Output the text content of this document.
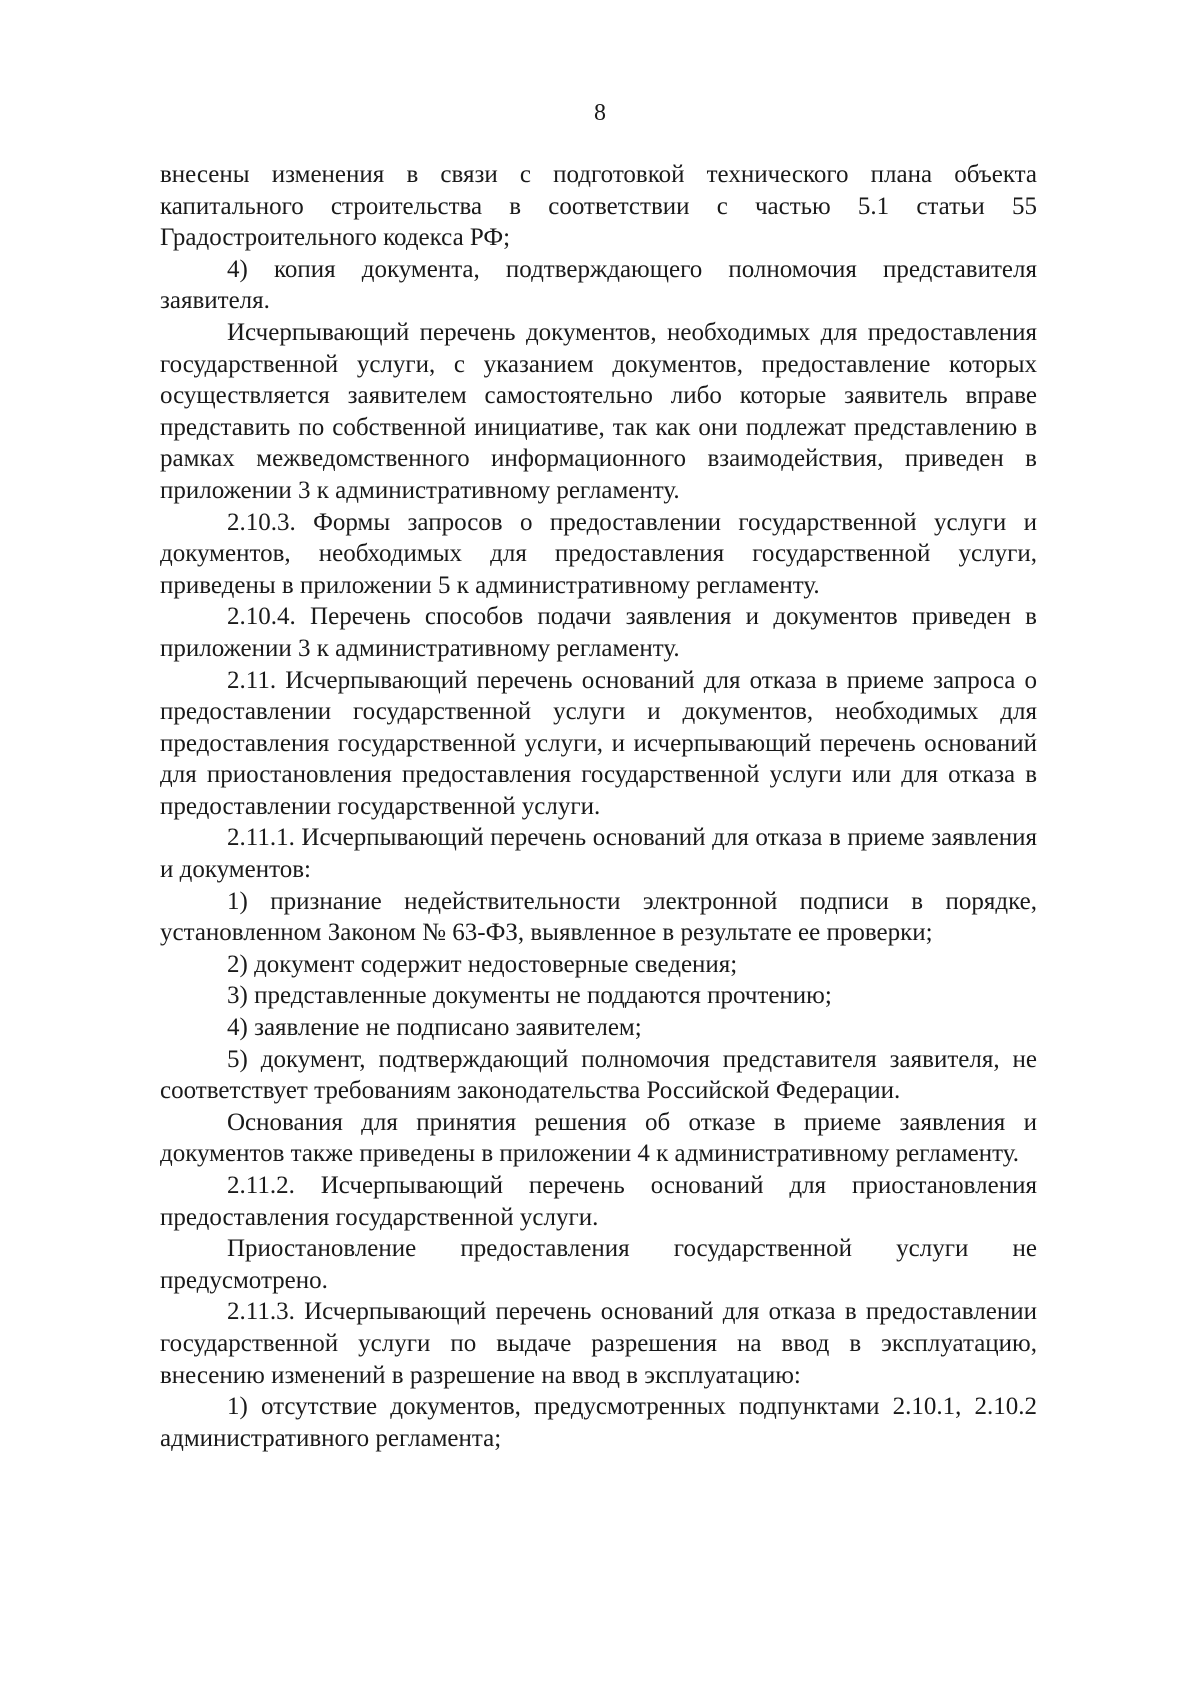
8

внесены изменения в связи с подготовкой технического плана объекта капитального строительства в соответствии с частью 5.1 статьи 55 Градостроительного кодекса РФ;

4) копия документа, подтверждающего полномочия представителя заявителя.

Исчерпывающий перечень документов, необходимых для предоставления государственной услуги, с указанием документов, предоставление которых осуществляется заявителем самостоятельно либо которые заявитель вправе представить по собственной инициативе, так как они подлежат представлению в рамках межведомственного информационного взаимодействия, приведен в приложении 3 к административному регламенту.

2.10.3. Формы запросов о предоставлении государственной услуги и документов, необходимых для предоставления государственной услуги, приведены в приложении 5 к административному регламенту.

2.10.4. Перечень способов подачи заявления и документов приведен в приложении 3 к административному регламенту.

2.11. Исчерпывающий перечень оснований для отказа в приеме запроса о предоставлении государственной услуги и документов, необходимых для предоставления государственной услуги, и исчерпывающий перечень оснований для приостановления предоставления государственной услуги или для отказа в предоставлении государственной услуги.

2.11.1. Исчерпывающий перечень оснований для отказа в приеме заявления и документов:

1) признание недействительности электронной подписи в порядке, установленном Законом № 63-ФЗ, выявленное в результате ее проверки;

2) документ содержит недостоверные сведения;

3) представленные документы не поддаются прочтению;

4) заявление не подписано заявителем;

5) документ, подтверждающий полномочия представителя заявителя, не соответствует требованиям законодательства Российской Федерации.

Основания для принятия решения об отказе в приеме заявления и документов также приведены в приложении 4 к административному регламенту.

2.11.2. Исчерпывающий перечень оснований для приостановления предоставления государственной услуги.

Приостановление предоставления государственной услуги не предусмотрено.

2.11.3. Исчерпывающий перечень оснований для отказа в предоставлении государственной услуги по выдаче разрешения на ввод в эксплуатацию, внесению изменений в разрешение на ввод в эксплуатацию:

1) отсутствие документов, предусмотренных подпунктами 2.10.1, 2.10.2 административного регламента;
